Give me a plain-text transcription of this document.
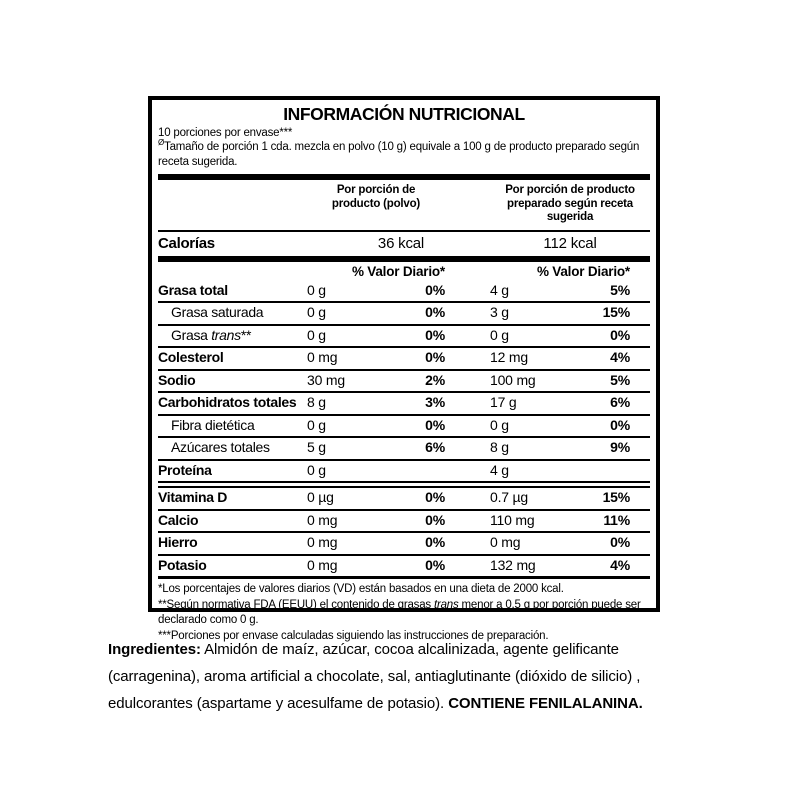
INFORMACIÓN NUTRICIONAL

10 porciones por envase***

$^Ø$Tamaño de porción 1 cda. mezcla en polvo (10 g) equivale a 100 g de producto preparado según receta sugerida.

Por porción de
producto (polvo)
Por porción de producto
preparado según receta sugerida
Calorías	36 kcal	112 kcal
% Valor Diario*	% Valor Diario*
Grasa total	0 g	0%	4 g	5%
Grasa saturada	0 g	0%	3 g	15%
Grasa trans**	0 g	0%	0 g	0%
Colesterol	0 mg	0%	12 mg	4%
Sodio	30 mg	2%	100 mg	5%
Carbohidratos totales 8 g	3%	17 g	6%
Fibra dietética	0 g	0%	0 g	0%
Azúcares totales	5 g	6%	8 g	9%
Proteína	0 g	4 g
Vitamina D	0 µg	0%	0.7 µg	15%
Calcio	0 mg	0%	110 mg	11%
Hierro	0 mg	0%	0 mg	0%
Potasio	0 mg	0%	132 mg	4%

*Los porcentajes de valores diarios (VD) están basados en una dieta de 2000 kcal.

**Según normativa FDA (EEUU) el contenido de grasas trans menor a 0.5 g por porción puede ser declarado como 0 g.

***Porciones por envase calculadas siguiendo las instrucciones de preparación.

Ingredientes: Almidón de maíz, azúcar, cocoa alcalinizada, agente gelificante (carragenina), aroma artificial a chocolate, sal, antiaglutinante (dióxido de silicio) , edulcorantes (aspartame y acesulfame de potasio). CONTIENE FENILALANINA.
